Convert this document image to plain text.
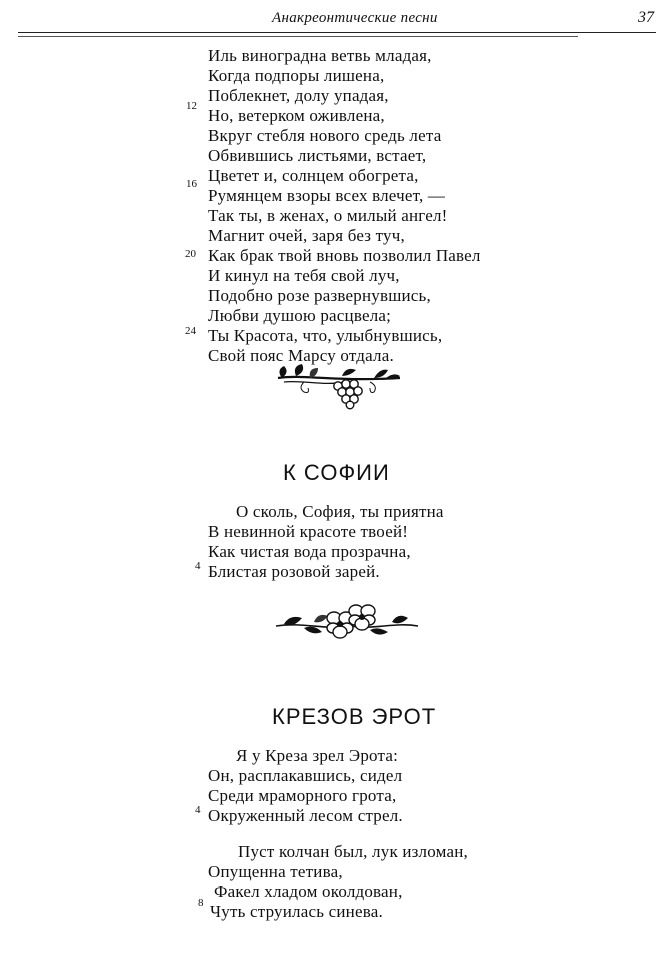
Анакреонтические песни	37
Иль винограднa ветвь младая,
Когда подпоры лишена,
Поблекнет, долу упадая,
Но, ветерком оживлена,
Вкруг стебля нового средь лета
Обвившись листьями, встает,
Цветет и, солнцем обогрета,
Румянцем взоры всех влечет, —
Так ты, в женах, о милый ангел!
Магнит очей, заря без туч,
Как брак твой вновь позволил Павел
И кинул на тебя свой луч,
Подобно розе развернувшись,
Любви душою расцвела;
Ты Красота, что, улыбнувшись,
Свой пояс Марсу отдала.
12
16
20
24
К СОФИИ
О сколь, София, ты приятна
В невинной красоте твоей!
Как чистая вода прозрачна,
Блистая розовой зарей.
4
КРЕЗОВ ЭРОТ
Я у Креза зрел Эрота:
Он, расплакавшись, сидел
Среди мраморного грота,
Окруженный лесом стрел.
4
Пуст колчан был, лук изломан,
Опущенна тетива,
Факел хладом околдован,
Чуть струилась синева.
8
